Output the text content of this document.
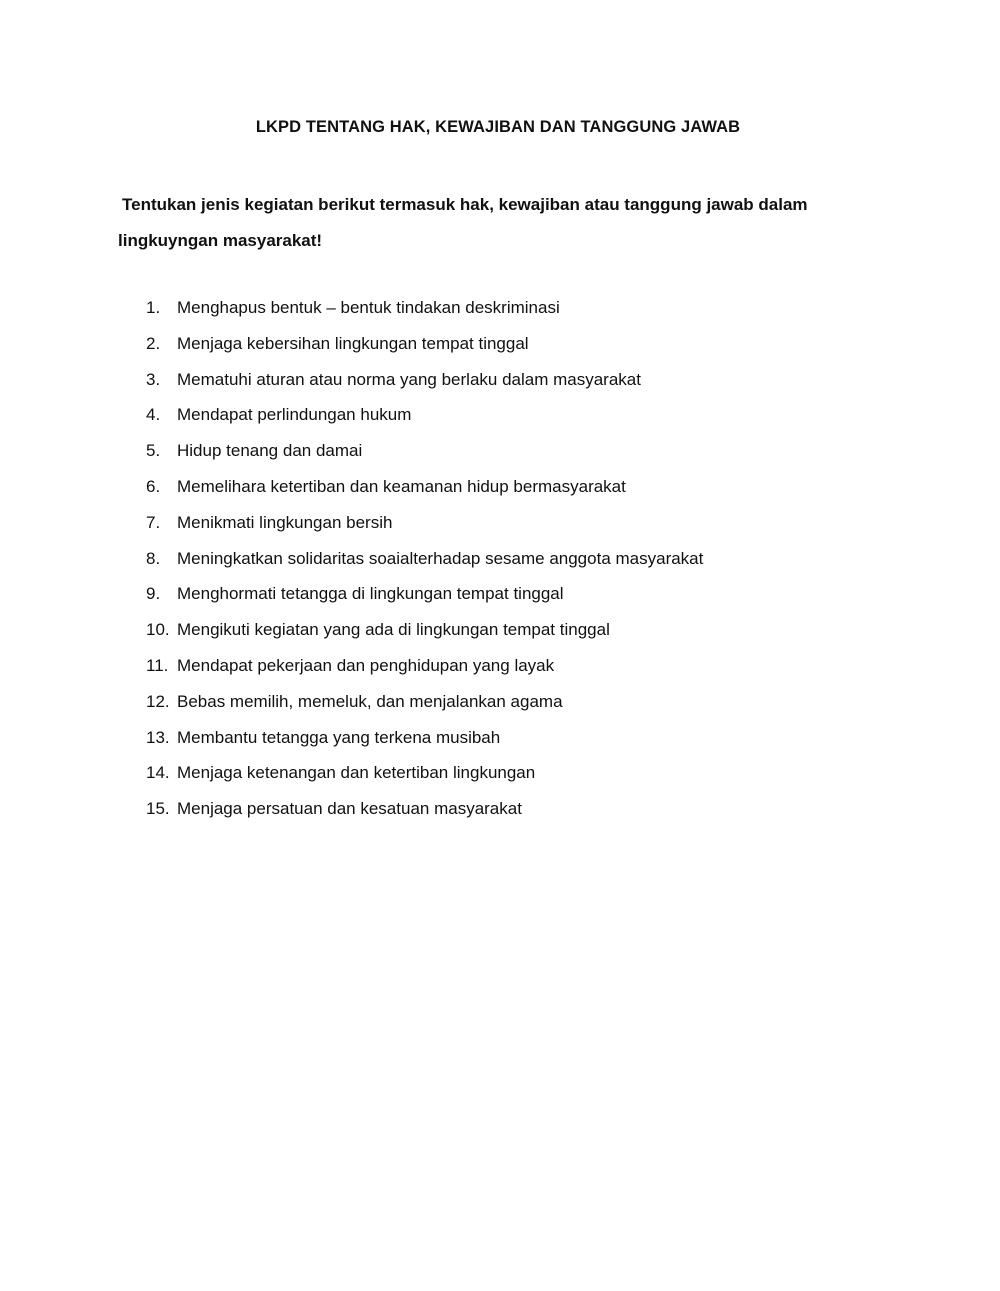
LKPD TENTANG HAK, KEWAJIBAN DAN TANGGUNG JAWAB
Tentukan jenis kegiatan berikut termasuk hak, kewajiban atau tanggung jawab dalam lingkuyngan masyarakat!
1. Menghapus bentuk – bentuk tindakan deskriminasi
2. Menjaga kebersihan lingkungan tempat tinggal
3. Mematuhi aturan atau norma yang berlaku dalam masyarakat
4. Mendapat perlindungan hukum
5. Hidup tenang dan damai
6. Memelihara ketertiban dan keamanan hidup bermasyarakat
7. Menikmati lingkungan bersih
8. Meningkatkan solidaritas soaialterhadap sesame anggota masyarakat
9. Menghormati tetangga di lingkungan tempat tinggal
10. Mengikuti kegiatan yang ada di lingkungan tempat tinggal
11. Mendapat pekerjaan dan penghidupan yang layak
12. Bebas memilih, memeluk, dan menjalankan agama
13. Membantu tetangga yang terkena musibah
14. Menjaga ketenangan dan ketertiban lingkungan
15. Menjaga persatuan dan kesatuan masyarakat
